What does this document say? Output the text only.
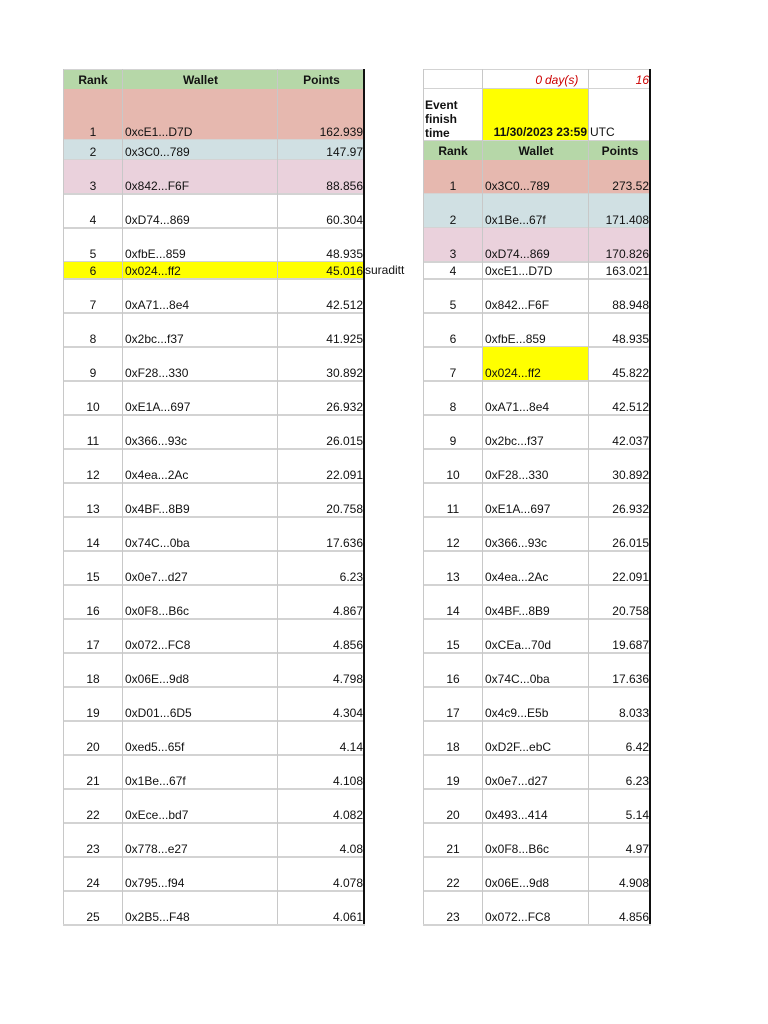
Rank	Wallet	Points
1	0xcE1...D7D	162.939
2	0x3C0...789	147.97
3	0x842...F6F	88.856
4	0xD74...869	60.304
5	0xfbE...859	48.935
6	0x024...ff2	45.016
7	0xA71...8e4	42.512
8	0x2bc...f37	41.925
9	0xF28...330	30.892
10	0xE1A...697	26.932
11	0x366...93c	26.015
12	0x4ea...2Ac	22.091
13	0x4BF...8B9	20.758
14	0x74C...0ba	17.636
15	0x0e7...d27	6.23
16	0x0F8...B6c	4.867
17	0x072...FC8	4.856
18	0x06E...9d8	4.798
19	0xD01...6D5	4.304
20	0xed5...65f	4.14
21	0x1Be...67f	4.108
22	0xEce...bd7	4.082
23	0x778...e27	4.08
24	0x795...f94	4.078
25	0x2B5...F48	4.061
0 day(s)	16
Event finish time	11/30/2023 23:59 UTC
Rank	Wallet	Points
1	0x3C0...789	273.52
2	0x1Be...67f	171.408
3	0xD74...869	170.826
4	0xcE1...D7D	163.021
5	0x842...F6F	88.948
6	0xfbE...859	48.935
7	0x024...ff2	45.822
8	0xA71...8e4	42.512
9	0x2bc...f37	42.037
10	0xF28...330	30.892
11	0xE1A...697	26.932
12	0x366...93c	26.015
13	0x4ea...2Ac	22.091
14	0x4BF...8B9	20.758
15	0xCEa...70d	19.687
16	0x74C...0ba	17.636
17	0x4c9...E5b	8.033
18	0xD2F...ebC	6.42
19	0x0e7...d27	6.23
20	0x493...414	5.14
21	0x0F8...B6c	4.97
22	0x06E...9d8	4.908
23	0x072...FC8	4.856
suraditt
